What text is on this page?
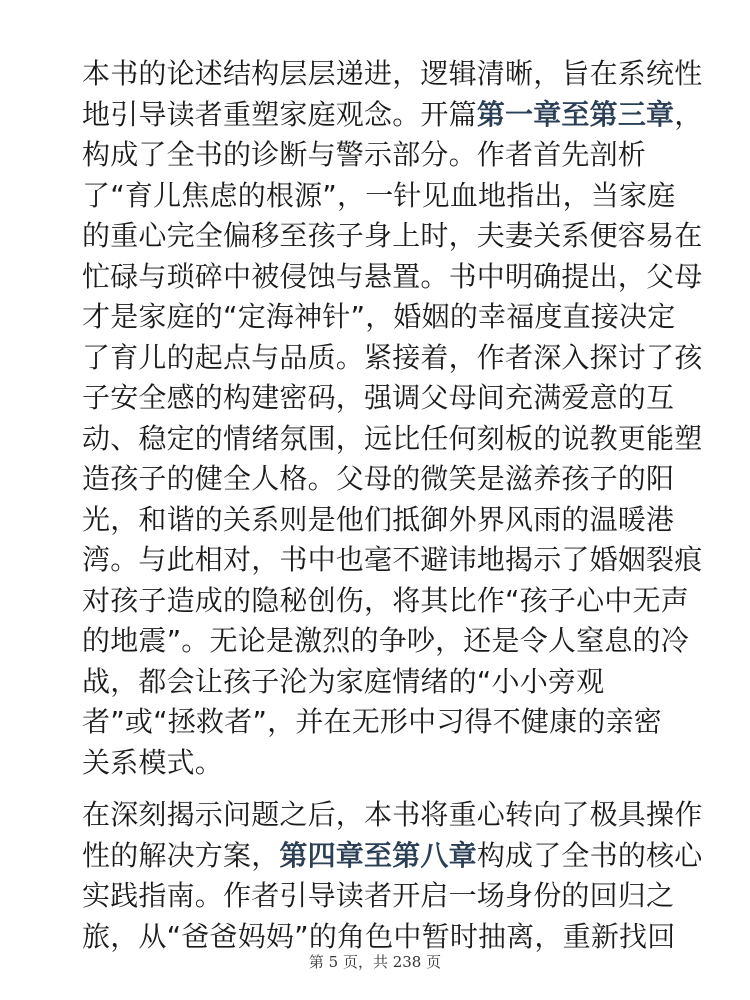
本书的论述结构层层递进，逻辑清晰，旨在系统性
地引导读者重塑家庭观念。开篇第一章至第三章，
构成了全书的诊断与警示部分。作者首先剖析
了“育儿焦虑的根源”，一针见血地指出，当家庭
的重心完全偏移至孩子身上时，夫妻关系便容易在
忙碌与琐碎中被侵蚀与悬置。书中明确提出，父母
才是家庭的“定海神针”，婚姻的幸福度直接决定
了育儿的起点与品质。紧接着，作者深入探讨了孩
子安全感的构建密码，强调父母间充满爱意的互
动、稳定的情绪氛围，远比任何刻板的说教更能塑
造孩子的健全人格。父母的微笑是滋养孩子的阳
光，和谐的关系则是他们抵御外界风雨的温暖港
湾。与此相对，书中也毫不避讳地揭示了婚姻裂痕
对孩子造成的隐秘创伤，将其比作“孩子心中无声
的地震”。无论是激烈的争吵，还是令人窒息的冷
战，都会让孩子沦为家庭情绪的“小小旁观
者”或“拯救者”，并在无形中习得不健康的亲密
关系模式。
在深刻揭示问题之后，本书将重心转向了极具操作
性的解决方案，第四章至第八章构成了全书的核心
实践指南。作者引导读者开启一场身份的回归之
旅，从“爸爸妈妈”的角色中暂时抽离，重新找回
第 5 页，共 238 页
